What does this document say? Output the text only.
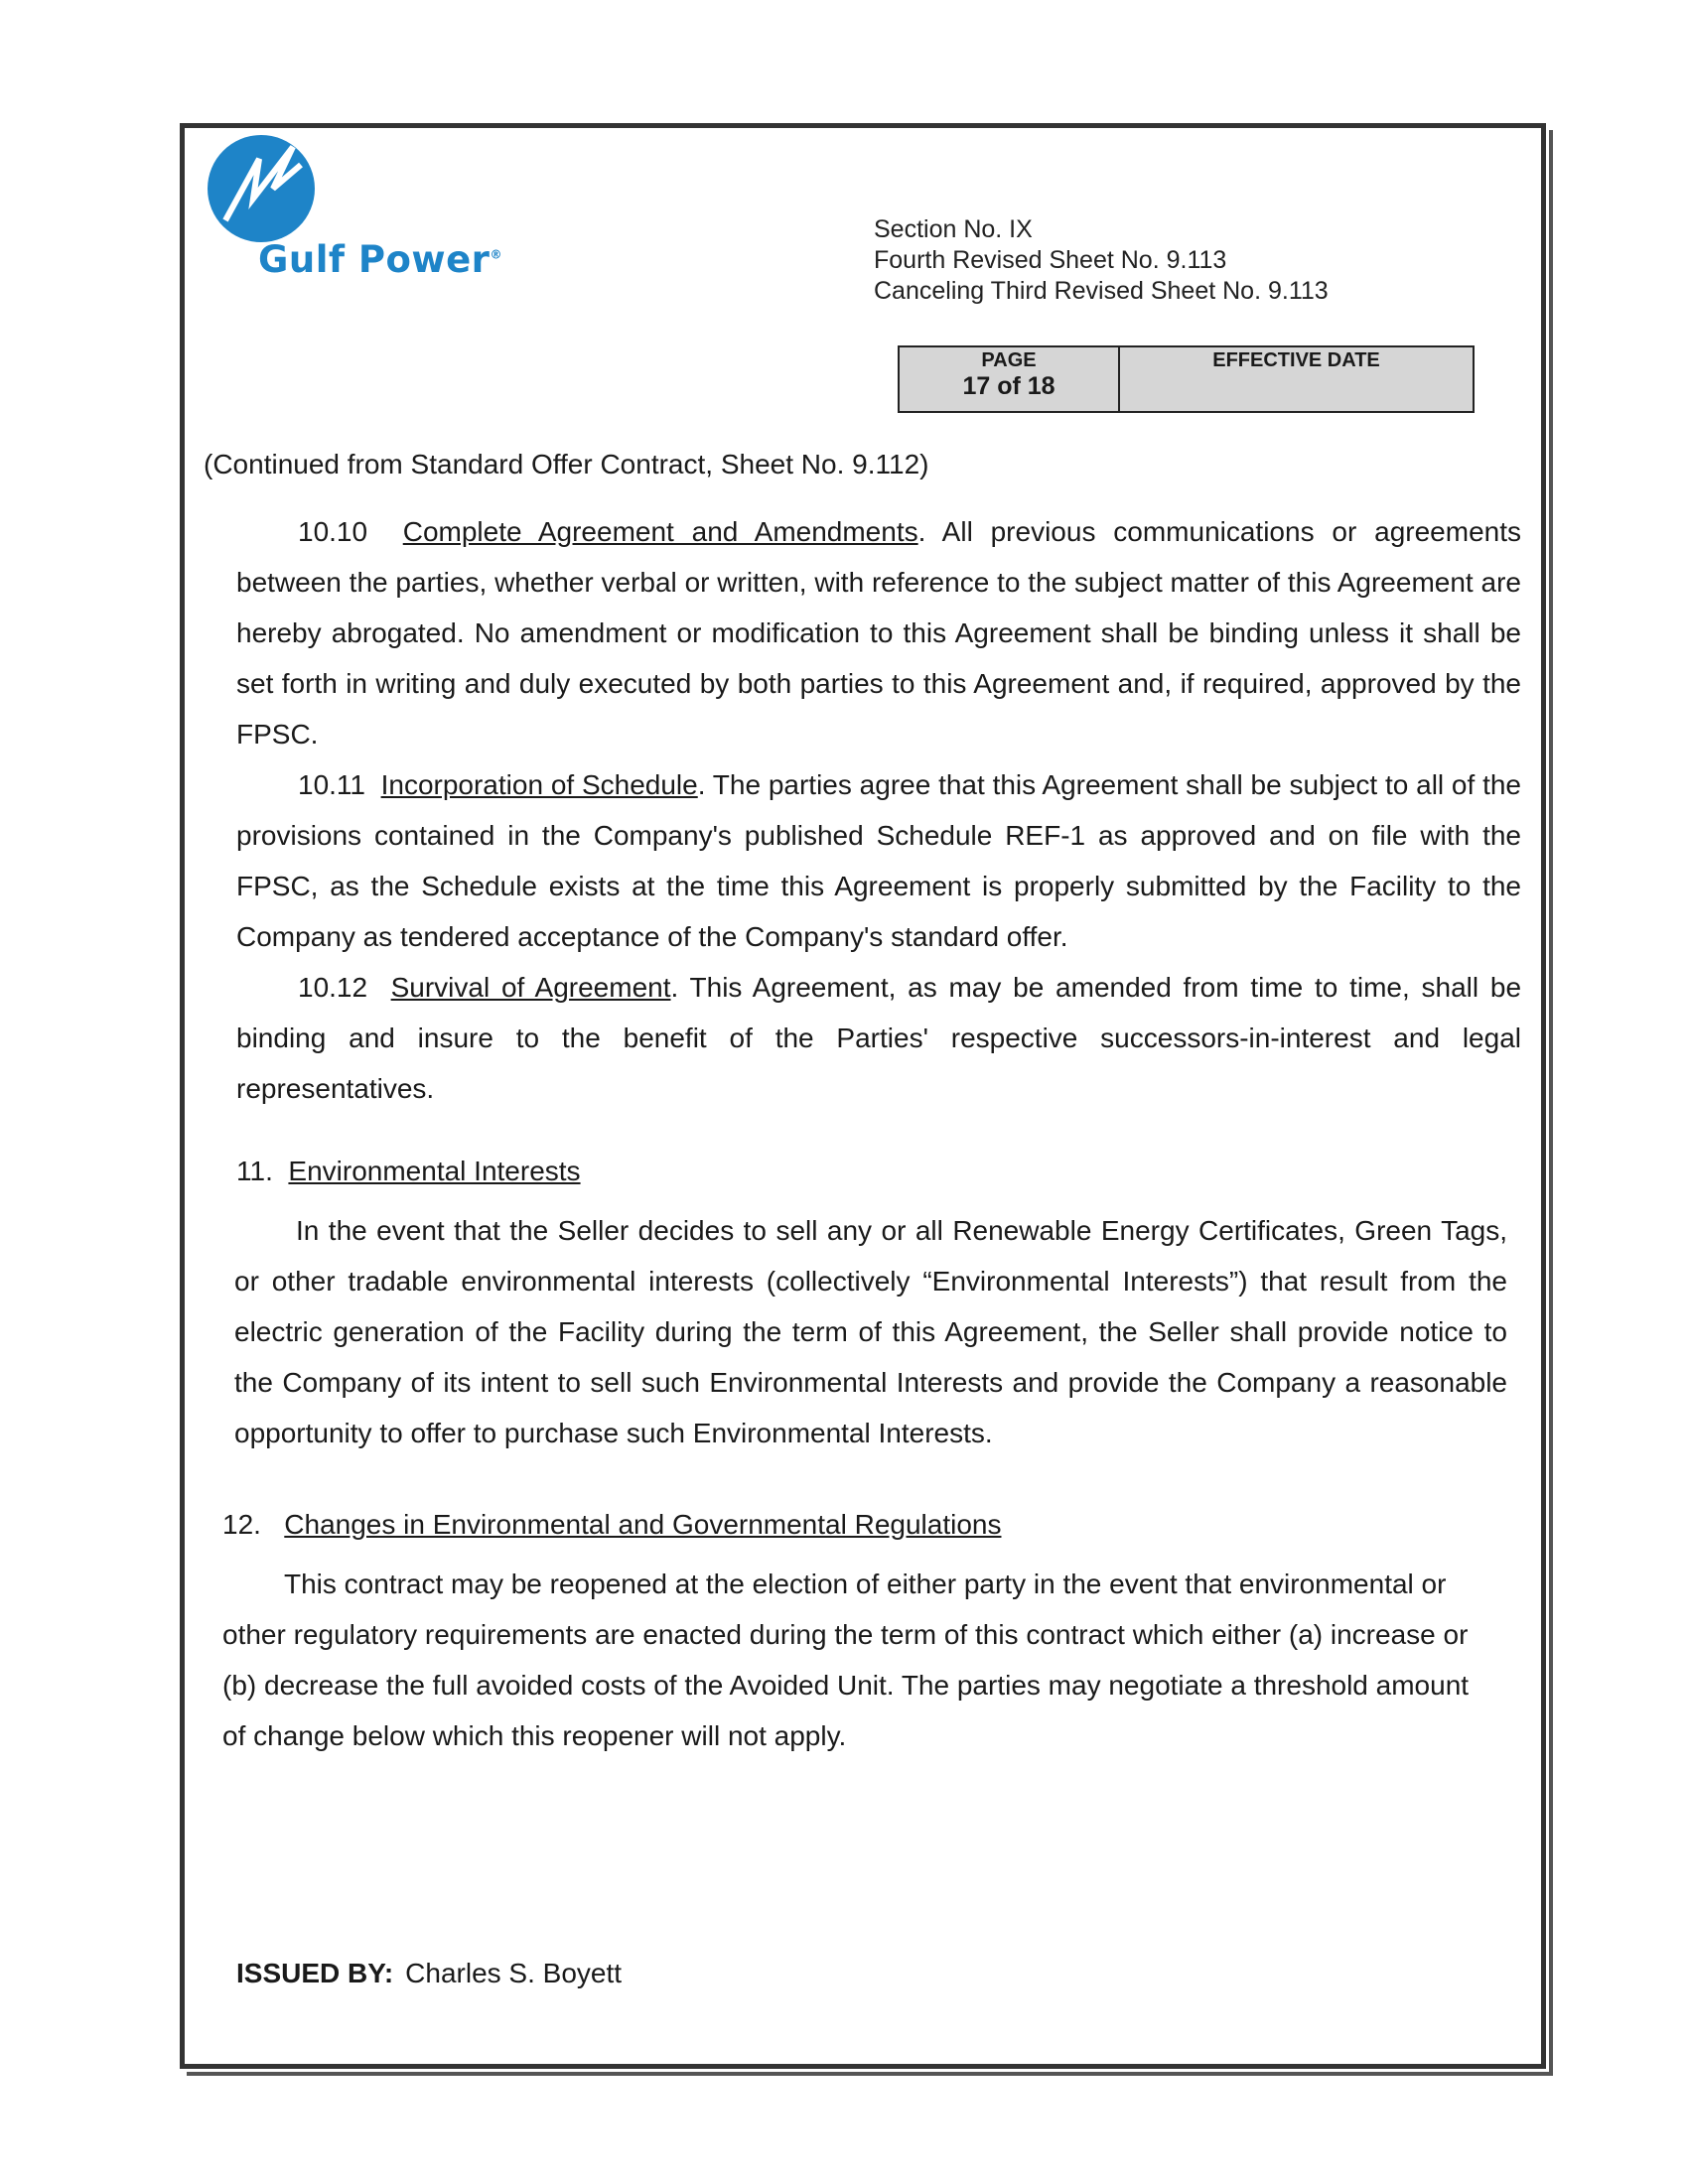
Gulf Power®
Section No. IX
Fourth Revised Sheet No. 9.113
Canceling Third Revised Sheet No. 9.113
PAGE
17 of 18
EFFECTIVE DATE
(Continued from Standard Offer Contract, Sheet No. 9.112)

10.10 Complete Agreement and Amendments. All previous communications or agreements between the parties, whether verbal or written, with reference to the subject matter of this Agreement are hereby abrogated. No amendment or modification to this Agreement shall be binding unless it shall be set forth in writing and duly executed by both parties to this Agreement and, if required, approved by the FPSC.

10.11 Incorporation of Schedule. The parties agree that this Agreement shall be subject to all of the provisions contained in the Company's published Schedule REF-1 as approved and on file with the FPSC, as the Schedule exists at the time this Agreement is properly submitted by the Facility to the Company as tendered acceptance of the Company's standard offer.

10.12 Survival of Agreement. This Agreement, as may be amended from time to time, shall be binding and insure to the benefit of the Parties' respective successors-in-interest and legal representatives.

11. Environmental Interests

In the event that the Seller decides to sell any or all Renewable Energy Certificates, Green Tags, or other tradable environmental interests (collectively “Environmental Interests”) that result from the electric generation of the Facility during the term of this Agreement, the Seller shall provide notice to the Company of its intent to sell such Environmental Interests and provide the Company a reasonable opportunity to offer to purchase such Environmental Interests.

12. Changes in Environmental and Governmental Regulations

This contract may be reopened at the election of either party in the event that environmental or other regulatory requirements are enacted during the term of this contract which either (a) increase or (b) decrease the full avoided costs of the Avoided Unit. The parties may negotiate a threshold amount of change below which this reopener will not apply.

ISSUED BY: Charles S. Boyett
